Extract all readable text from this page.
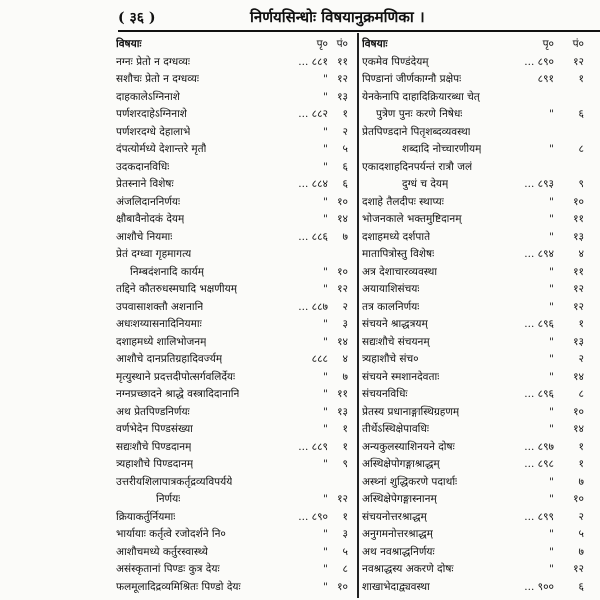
( ३६ )	निर्णयसिन्धोः विषयानुक्रमणिका ।
विषयाः	पृ० पं०
नग्नः प्रेतो न दग्धव्यः	... ८८१ ११
सशौचः प्रेतो न दग्धव्यः	" १२
दाहकालेऽग्निनाशे	" १३
पर्णशरदाहेऽग्निनाशे	... ८८२ १
पर्णशरदग्धे देहालाभे	" २
दंपत्योर्मध्ये देशान्तरे मृतौ	" ५
उदकदानविधिः	" ६
प्रेतस्नाने विशेषः	... ८८४ ६
अंजलिदाननिर्णयः	" १०
क्षौबावैनोदकं देयम्	" १४
आशौचे नियमाः	... ८८६ ७
प्रेतं दग्ध्वा गृहमागत्य
निम्बदंशनादि कार्यम्	" १०
तद्दिने कौतरुधस्मघादि भक्षणीयम्	" १२
उपवासाशक्तौ अशनानि	... ८८७ २
अधःशय्यासनादिनियमाः	" ३
दशाहमध्ये शालिभोजनम्	" १४
आशौचे दानप्रतिग्रहादिवर्ज्यम्	८८८ ४
मृत्युस्थाने प्रदत्तदीपोत्सर्गवलिर्देयः	" ७
नग्नप्रच्छादने श्राद्धे वस्त्रादिदानानि	" ११
अथ प्रेतपिण्डनिर्णयः	" १३
वर्णभेदेन पिण्डसंख्या	" १
सद्यःशौचे पिण्डदानम्	... ८८९ १
त्र्यहाशौचे पिण्डदानम्	" ९
उत्तरीयशिलापात्रकर्तृद्रव्यविपर्यये
निर्णयः	" १२
क्रियाकर्तुर्नियमाः	... ८९० १
भार्यायाः कर्तृत्वे रजोदर्शने नि०	" ३
आशौचमध्ये कर्तुरस्वास्थ्ये	" ५
असंस्कृतानां पिण्डः कुत्र देयः	" ८
फलमूलादिद्रव्यमिश्रितः पिण्डो देयः	" १०
विषयाः	पृ० पं०
एकमेव पिण्डंदेयम्	... ८९० १२
पिण्डानां जीर्णकाग्नौ प्रक्षेपः	८९१ १
येनकेनापि दाहादिक्रियारब्धा चेत्
पुत्रेण पुनः करणे निषेधः	" ६
प्रेतपिण्डदाने पितृशब्दव्यवस्था
शब्दादि नोच्चारणीयम्	" ८
एकादशाहदिनपर्यन्तं रात्रौ जलं
दुग्धं च देयम्	... ८९३ ९
दशाहे तैलदीपः स्थाप्यः	" १०
भोजनकाले भक्तमुष्टिदानम्	" ११
दशाहमध्ये दर्शपाते	" १३
मातापित्रोस्तु विशेषः	... ८९४ ४
अत्र देशाचारव्यवस्था	" ११
अयायाशिसंचयः	" १२
तत्र कालनिर्णयः	" १२
संचयने श्राद्धत्रयम्	... ८९६ १
सद्यःशौचे संचयनम्	" १३
त्र्यहाशौचे संच०	" २
संचयने स्मशानदेवताः	" १४
संचयनविधिः	... ८९६ ८
प्रेतस्य प्रधानाङ्गास्थिग्रहणम्	" १०
तीर्थेऽस्थिक्षेपावधिः	" १४
अन्यकुलस्याशिनयने दोषः	... ८९७ १
अस्थिक्षेपोगङ्गाश्राद्धम्	... ८९८ १
अस्थ्नां शुद्धिकरणे पदार्थाः	" ७
अस्थिक्षेपेगङ्गास्नानम्	" १०
संचयनोत्तरश्राद्धम्	... ८९९ २
अनुगमनोत्तरश्राद्धम्	" ५
अथ नवश्राद्धनिर्णयः	" ७
नवश्राद्धस्य अकरणे दोषः	" १२
शाखाभेदाद्व्यवस्था	... ९०० ६
